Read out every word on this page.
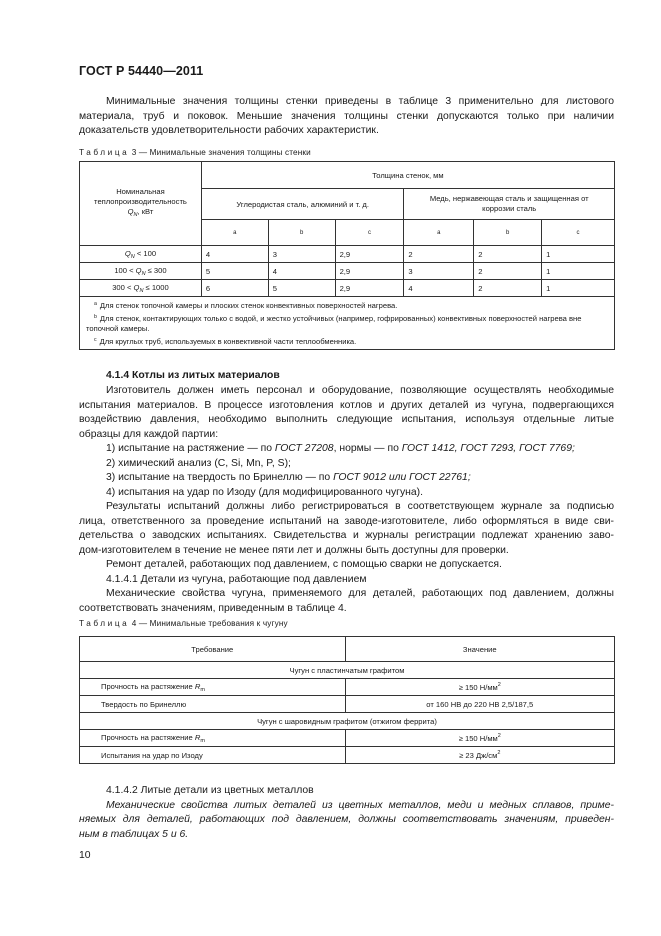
ГОСТ Р 54440—2011
Минимальные значения толщины стенки приведены в таблице 3 применительно для листового материала, труб и поковок. Меньшие значения толщины стенки допускаются только при наличии доказательств удовлетворительности рабочих характеристик.
Таблица 3 — Минимальные значения толщины стенки
Номинальная
теплопроизводительность
$Q_N$, кВт	Толщина стенок, мм					
	Углеродистая сталь, алюминий и т. д.			Медь, нержавеющая сталь и защищенная от коррозии сталь		
	a	b	c	a	b	c
$Q_N < 100$	4	3	2,9	2	2	1
$100 < Q_N \le 300$	5	4	2,9	3	2	1
$300 < Q_N \le 1000$	6	5	2,9	4	2	1

$^a$ Для стенок топочной камеры и плоских стенок конвективных поверхностей нагрева.
$^b$ Для стенок, контактирующих только с водой, и жестко устойчивых (например, гофрированных) конвективных поверхностей нагрева вне топочной камеры.
$^c$ Для круглых труб, используемых в конвективной части теплообменника.						
4.1.4 Котлы из литых материалов
Изготовитель должен иметь персонал и оборудование, позволяющие осуществлять необходимые
испытания материалов. В процессе изготовления котлов и других деталей из чугуна, подвергающихся
воздействию давления, необходимо выполнить следующие испытания, используя отдельные литые
образцы для каждой партии:
1) испытание на растяжение — по ГОСТ 27208, нормы — по ГОСТ 1412, ГОСТ 7293, ГОСТ 7769;
2) химический анализ (C, Si, Mn, P, S);
3) испытание на твердость по Бринеллю — по ГОСТ 9012 или ГОСТ 22761;
4) испытания на удар по Изоду (для модифицированного чугуна).
Результаты испытаний должны либо регистрироваться в соответствующем журнале за подписью
лица, ответственного за проведение испытаний на заводе-изготовителе, либо оформляться в виде сви-
детельства о заводских испытаниях. Свидетельства и журналы регистрации подлежат хранению заво-
дом-изготовителем в течение не менее пяти лет и должны быть доступны для проверки.
Ремонт деталей, работающих под давлением, с помощью сварки не допускается.
4.1.4.1 Детали из чугуна, работающие под давлением
Механические свойства чугуна, применяемого для деталей, работающих под давлением, должны
соответствовать значениям, приведенным в таблице 4.
Таблица 4 — Минимальные требования к чугуну
Требование	Значение
Чугун с пластинчатым графитом	
Прочность на растяжение $R_m$	≥ 150 $Н/мм^2$
Твердость по Бринеллю	от 160 НВ до 220 НВ 2,5/187,5
Чугун с шаровидным графитом (отжигом феррита)	
Прочность на растяжение $R_m$	≥ 150 $Н/мм^2$
Испытания на удар по Изоду	≥ 23 $Дж/см^2$
4.1.4.2 Литые детали из цветных металлов
Механические свойства литых деталей из цветных металлов, меди и медных сплавов, приме-
няемых для деталей, работающих под давлением, должны соответствовать значениям, приведен-
ным в таблицах 5 и 6.
10
